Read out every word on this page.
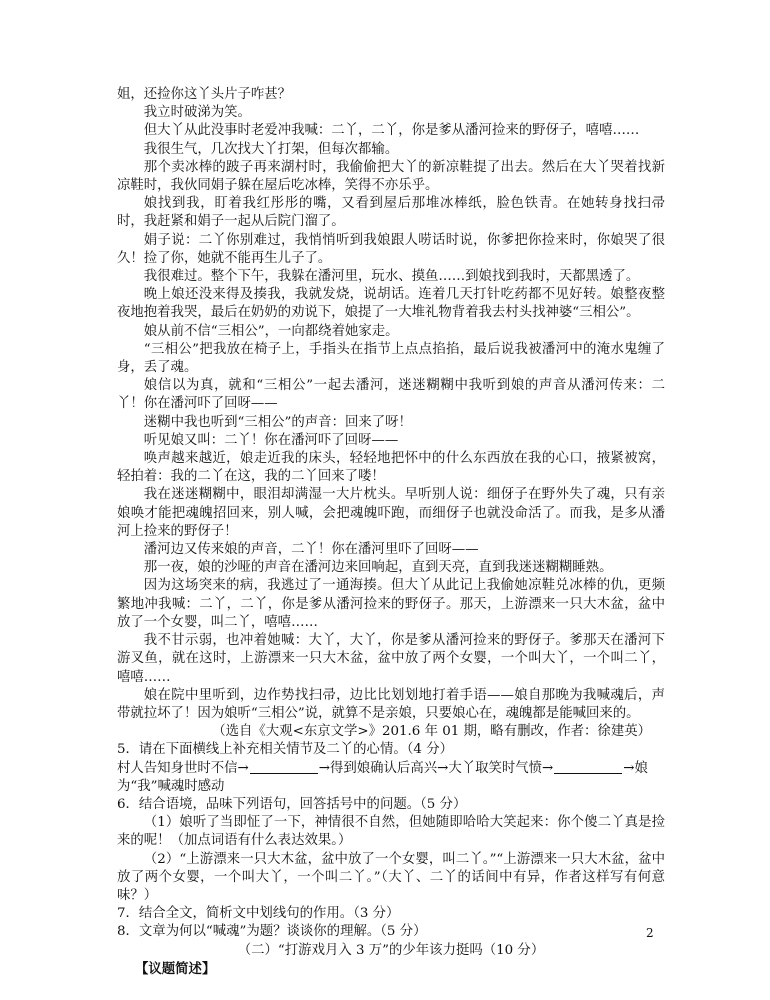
姐，还捡你这丫头片子咋甚？

我立时破涕为笑。

但大丫从此没事时老爱冲我喊：二丫，二丫，你是爹从潘河捡来的野伢子，嘻嘻……

我很生气，几次找大丫打架，但每次都输。

那个卖冰棒的跛子再来湖村时，我偷偷把大丫的新凉鞋提了出去。然后在大丫哭着找新凉鞋时，我伙同娟子躲在屋后吃冰棒，笑得不亦乐乎。

娘找到我，盯着我红彤彤的嘴，又看到屋后那堆冰棒纸，脸色铁青。在她转身找扫帚时，我赶紧和娟子一起从后院门溜了。

娟子说：二丫你别难过，我悄悄听到我娘跟人唠话时说，你爹把你捡来时，你娘哭了很久！捡了你，她就不能再生儿子了。

我很难过。整个下午，我躲在潘河里，玩水、摸鱼……到娘找到我时，天都黑透了。

晚上娘还没来得及揍我，我就发烧，说胡话。连着几天打针吃药都不见好转。娘整夜整夜地抱着我哭，最后在奶奶的劝说下，娘提了一大堆礼物背着我去村头找神婆“三相公”。

娘从前不信“三相公”，一向都绕着她家走。

“三相公”把我放在椅子上，手指头在指节上点点掐掐，最后说我被潘河中的淹水鬼缠了身，丢了魂。

娘信以为真，就和“三相公”一起去潘河，迷迷糊糊中我听到娘的声音从潘河传来：二丫！你在潘河吓了回呀——

迷糊中我也听到“三相公”的声音：回来了呀！

听见娘又叫：二丫！你在潘河吓了回呀——

唤声越来越近，娘走近我的床头，轻轻地把怀中的什么东西放在我的心口，掖紧被窝，轻拍着：我的二丫在这，我的二丫回来了喽！

我在迷迷糊糊中，眼泪却满湿一大片枕头。早听别人说：细伢子在野外失了魂，只有亲娘唤才能把魂魄招回来，别人喊，会把魂魄吓跑，而细伢子也就没命活了。而我，是多从潘河上捡来的野伢子！

潘河边又传来娘的声音，二丫！你在潘河里吓了回呀——

那一夜，娘的沙哑的声音在潘河边来回响起，直到天亮，直到我迷迷糊糊睡熟。

因为这场突来的病，我逃过了一通海揍。但大丫从此记上我偷她凉鞋兑冰棒的仇，更频繁地冲我喊：二丫，二丫，你是爹从潘河捡来的野伢子。那天，上游漂来一只大木盆，盆中放了一个女婴，叫二丫，嘻嘻……

我不甘示弱，也冲着她喊：大丫，大丫，你是爹从潘河捡来的野伢子。爹那天在潘河下游叉鱼，就在这时，上游漂来一只大木盆，盆中放了两个女婴，一个叫大丫，一个叫二丫，嘻嘻……

娘在院中里听到，边作势找扫帚，边比比划划地打着手语——娘自那晚为我喊魂后，声带就拉坏了！因为娘听“三相公”说，就算不是亲娘，只要娘心在，魂魄都是能喊回来的。

（选自《大观<东京文学>》201.6 年 01 期，略有删改，作者：徐建英）

5．请在下面横线上补充相关情节及二丫的心情。（4 分）

村人告知身世时不信→	→得到娘确认后高兴→大丫取笑时气愤→	→娘

为“我”喊魂时感动

6．结合语境，品味下列语句，回答括号中的问题。（5 分）

（1）娘听了当即怔了一下，神情很不自然，但她随即哈哈大笑起来：你个傻二丫真是捡来的呢！（加点词语有什么表达效果。）

（2）“上游漂来一只大木盆，盆中放了一个女婴，叫二丫。”“上游漂来一只大木盆，盆中放了两个女婴，一个叫大丫，一个叫二丫。”（大丫、二丫的话间中有异，作者这样写有何意味？）

7．结合全文，简析文中划线句的作用。（3 分）

8．文章为何以“喊魂”为题？谈谈你的理解。（5 分）

（二）“打游戏月入 3 万”的少年该力挺吗（10 分）

【议题简述】

2
